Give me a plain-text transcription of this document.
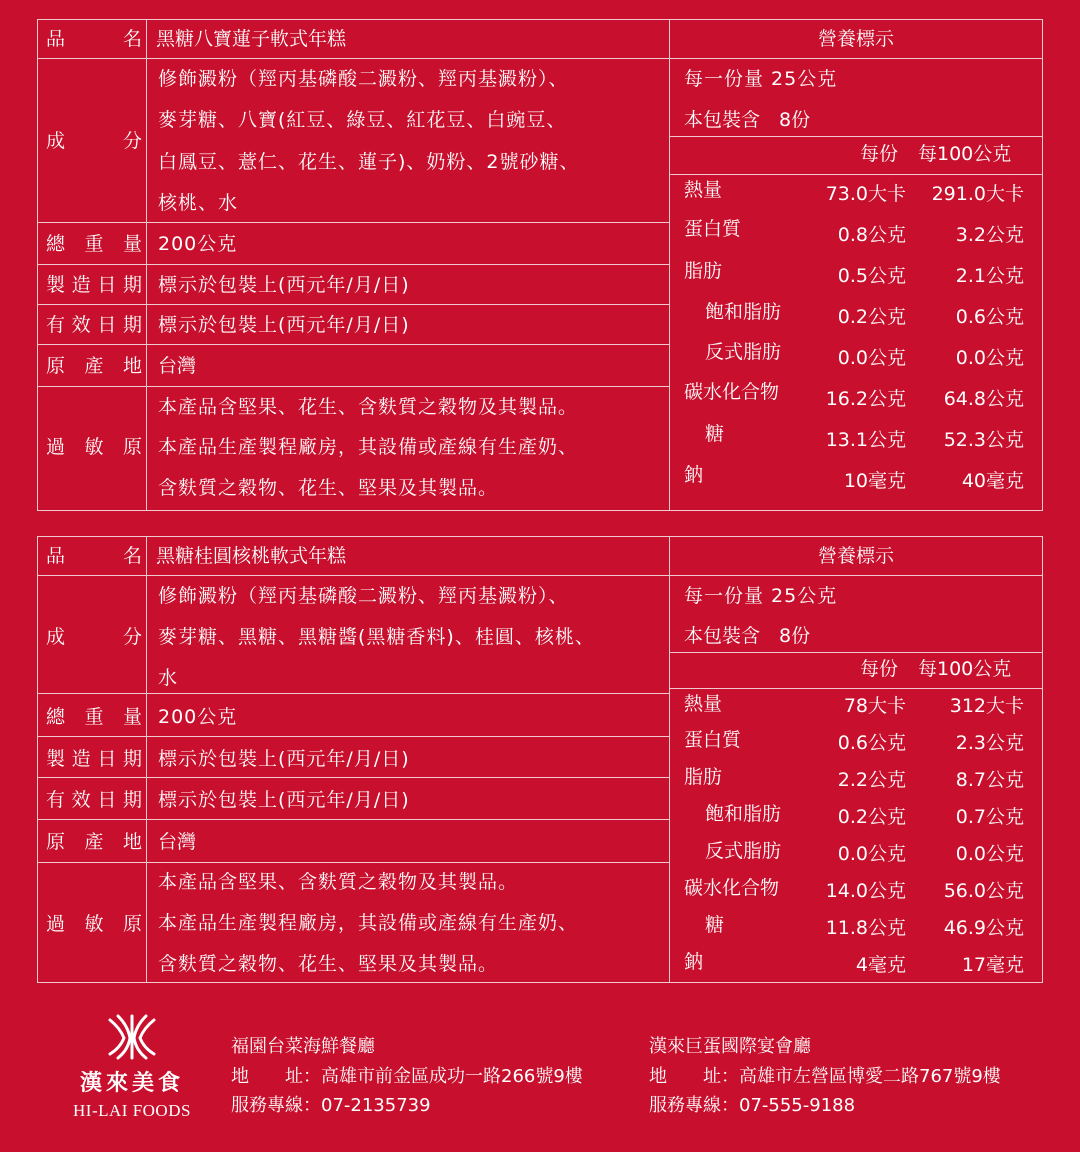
品　　名 黑糖八寶蓮子軟式年糕	營養標示
成　　分
修飾澱粉（羥丙基磷酸二澱粉、羥丙基澱粉）、
麥芽糖、八寶(紅豆、綠豆、紅花豆、白豌豆、
白鳳豆、薏仁、花生、蓮子)、奶粉、2號砂糖、
核桃、水
總 重 量 200公克
製造日期 標示於包裝上(西元年/月/日)
有效日期 標示於包裝上(西元年/月/日)
原 產 地 台灣
過 敏 原
本產品含堅果、花生、含麩質之穀物及其製品。
本產品生產製程廠房，其設備或產線有生產奶、
含麩質之穀物、花生、堅果及其製品。
每一份量 25公克
本包裝含　8份
每份 每100公克
熱量	73.0大卡	291.0大卡
蛋白質	0.8公克	3.2公克
脂肪	0.5公克	2.1公克
飽和脂肪	0.2公克	0.6公克
反式脂肪	0.0公克	0.0公克
碳水化合物	16.2公克	64.8公克
糖	13.1公克	52.3公克
鈉	10毫克	40毫克
品　　名 黑糖桂圓核桃軟式年糕	營養標示
成　　分
修飾澱粉（羥丙基磷酸二澱粉、羥丙基澱粉）、
麥芽糖、黑糖、黑糖醬(黑糖香料)、桂圓、核桃、
水
總 重 量 200公克
製造日期 標示於包裝上(西元年/月/日)
有效日期 標示於包裝上(西元年/月/日)
原 產 地 台灣
過 敏 原
本產品含堅果、含麩質之穀物及其製品。
本產品生產製程廠房，其設備或產線有生產奶、
含麩質之穀物、花生、堅果及其製品。
每一份量 25公克
本包裝含　8份
每份 每100公克
熱量	78大卡	312大卡
蛋白質	0.6公克	2.3公克
脂肪	2.2公克	8.7公克
飽和脂肪	0.2公克	0.7公克
反式脂肪	0.0公克	0.0公克
碳水化合物	14.0公克	56.0公克
糖	11.8公克	46.9公克
鈉	4毫克	17毫克
漢來美食
HI-LAI FOODS
福園台菜海鮮餐廳
地　　址：高雄市前金區成功一路266號9樓
服務專線：07-2135739
漢來巨蛋國際宴會廳
地　　址：高雄市左營區博愛二路767號9樓
服務專線：07-555-9188
